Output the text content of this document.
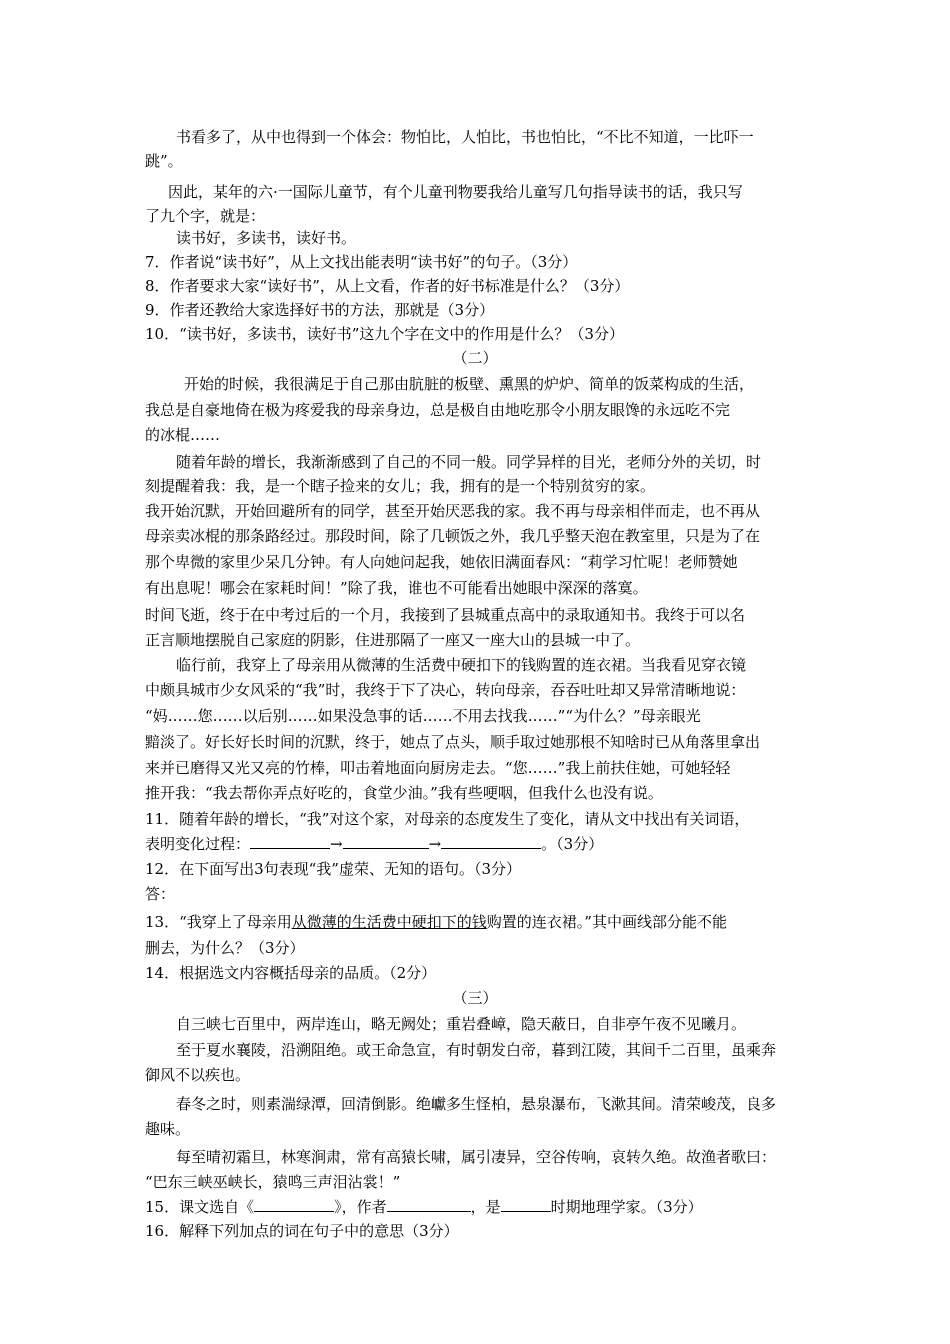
书看多了，从中也得到一个体会：物怕比，人怕比，书也怕比，“不比不知道，一比吓一
跳”。
因此，某年的六·一国际儿童节，有个儿童刊物要我给儿童写几句指导读书的话，我只写
了九个字，就是：
读书好，多读书，读好书。
7．作者说“读书好”，从上文找出能表明“读书好”的句子。（3分）
8．作者要求大家“读好书”，从上文看，作者的好书标准是什么？（3分）
9．作者还教给大家选择好书的方法，那就是（3分）
10．“读书好，多读书，读好书”这九个字在文中的作用是什么？（3分）
（二）
开始的时候，我很满足于自己那由肮脏的板壁、熏黑的炉炉、简单的饭菜构成的生活，
我总是自豪地倚在极为疼爱我的母亲身边，总是极自由地吃那令小朋友眼馋的永远吃不完
的冰棍……
随着年龄的增长，我渐渐感到了自己的不同一般。同学异样的目光，老师分外的关切，时
刻提醒着我：我，是一个瞎子捡来的女儿；我，拥有的是一个特别贫穷的家。
我开始沉默，开始回避所有的同学，甚至开始厌恶我的家。我不再与母亲相伴而走，也不再从
母亲卖冰棍的那条路经过。那段时间，除了几顿饭之外，我几乎整天泡在教室里，只是为了在
那个卑微的家里少呆几分钟。有人向她问起我，她依旧满面春风：“莉学习忙呢！老师赞她
有出息呢！哪会在家耗时间！”除了我，谁也不可能看出她眼中深深的落寞。
时间飞逝，终于在中考过后的一个月，我接到了县城重点高中的录取通知书。我终于可以名
正言顺地摆脱自己家庭的阴影，住进那隔了一座又一座大山的县城一中了。
临行前，我穿上了母亲用从微薄的生活费中硬扣下的钱购置的连衣裙。当我看见穿衣镜
中颇具城市少女风采的“我”时，我终于下了决心，转向母亲，吞吞吐吐却又异常清晰地说：
“妈……您……以后别……如果没急事的话……不用去找我……”“为什么？”母亲眼光
黯淡了。好长好长时间的沉默，终于，她点了点头，顺手取过她那根不知啥时已从角落里拿出
来并已磨得又光又亮的竹棒，叩击着地面向厨房走去。“您……”我上前扶住她，可她轻轻
推开我：“我去帮你弄点好吃的，食堂少油。”我有些哽咽，但我什么也没有说。
11．随着年龄的增长，“我”对这个家，对母亲的态度发生了变化，请从文中找出有关词语，
表明变化过程：	→	→	。（3分）
12．在下面写出3句表现“我”虚荣、无知的语句。（3分）
答：
13．“我穿上了母亲用从微薄的生活费中硬扣下的钱购置的连衣裙。”其中画线部分能不能
删去，为什么？（3分）
14．根据选文内容概括母亲的品质。（2分）
（三）
自三峡七百里中，两岸连山，略无阙处；重岩叠嶂，隐天蔽日，自非亭午夜不见曦月。
至于夏水襄陵，沿溯阻绝。或王命急宣，有时朝发白帝，暮到江陵，其间千二百里，虽乘奔
御风不以疾也。
春冬之时，则素湍绿潭，回清倒影。绝巘多生怪柏，悬泉瀑布，飞漱其间。清荣峻茂，良多
趣味。
每至晴初霜旦，林寒涧肃，常有高猿长啸，属引凄异，空谷传响，哀转久绝。故渔者歌曰：
“巴东三峡巫峡长，猿鸣三声泪沾裳！”
15．课文选自《	》，作者	，是	时期地理学家。（3分）
16．解释下列加点的词在句子中的意思（3分）
